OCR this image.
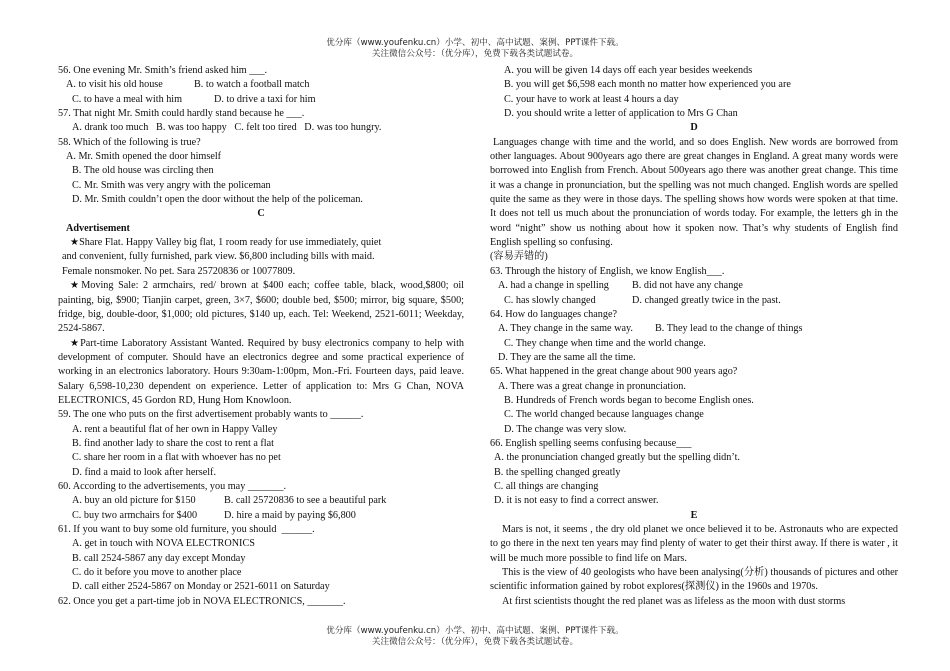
优分库（www.youfenku.cn）小学、初中、高中试题、案例、PPT课件下载。
关注微信公众号：（优分库），免费下载各类试题试卷。
56. One evening Mr. Smith’s friend asked him ___.
A. to visit his old house	B. to watch a football match
C. to have a meal with him	D. to drive a taxi for him
57. That night Mr. Smith could hardly stand because he ___.
A. drank too much   B. was too happy   C. felt too tired   D. was too hungry.
58. Which of the following is true?
A. Mr. Smith opened the door himself
B. The old house was circling then
C. Mr. Smith was very angry with the policeman
D. Mr. Smith couldn’t open the door without the help of the policeman.
C
Advertisement
★Share Flat. Happy Valley big flat, 1 room ready for use immediately, quiet
and convenient, fully furnished, park view. $6,800 including bills with maid.
Female nonsmoker. No pet. Sara 25720836 or 10077809.

★Moving Sale: 2 armchairs, red/ brown at $400 each; coffee table, black, wood,$800; oil painting, big, $900; Tianjin carpet, green, 3×7, $600; double bed, $500; mirror, big square, $500; fridge, big, double-door, $1,000; old pictures, $140 up, each. Tel: Weekend, 2521-6011; Weekday, 2524-5867.

★Part-time Laboratory Assistant Wanted. Required by busy electronics company to help with development of computer. Should have an electronics degree and some practical experience of working in an electronics laboratory. Hours 9:30am-1:00pm, Mon.-Fri. Fourteen days, paid leave. Salary 6,598-10,230 dependent on experience. Letter of application to: Mrs G Chan, NOVA ELECTRONICS, 45 Gordon RD, Hung Hom Knowloon.

59. The one who puts on the first advertisement probably wants to ______.
A. rent a beautiful flat of her own in Happy Valley
B. find another lady to share the cost to rent a flat
C. share her room in a flat with whoever has no pet
D. find a maid to look after herself.
60. According to the advertisements, you may _______.
A. buy an old picture for $150	B. call 25720836 to see a beautiful park
C. buy two armchairs for $400	D. hire a maid by paying $6,800
61. If you want to buy some old furniture, you should  ______.
A. get in touch with NOVA ELECTRONICS
B. call 2524-5867 any day except Monday
C. do it before you move to another place
D. call either 2524-5867 on Monday or 2521-6011 on Saturday
62. Once you get a part-time job in NOVA ELECTRONICS, _______.
A. you will be given 14 days off each year besides weekends
B. you will get $6,598 each month no matter how experienced you are
C. your have to work at least 4 hours a day
D. you should write a letter of application to Mrs G Chan
D

Languages change with time and the world, and so does English. New words are borrowed from other languages. About 900years ago there are great changes in England. A great many words were borrowed into English from French. About 500years ago there was another great change. This time it was a change in pronunciation, but the spelling was not much changed. English words are spelled quite the same as they were in those days. The spelling shows how words were spoken at that time. It does not tell us much about the pronunciation of words today. For example, the letters gh in the word “night” show us nothing about how it spoken now. That’s why students of English find English spelling so confusing.

(容易弄错的)
63. Through the history of English, we know English___.
A. had a change in spelling B. did not have any change
C. has slowly changed	D. changed greatly twice in the past.
64. How do languages change?
A. They change in the same way. B. They lead to the change of things
C. They change when time and the world change.
D. They are the same all the time.
65. What happened in the great change about 900 years ago?
A. There was a great change in pronunciation.
B. Hundreds of French words began to become English ones.
C. The world changed because languages change
D. The change was very slow.
66. English spelling seems confusing because___
A. the pronunciation changed greatly but the spelling didn’t.
B. the spelling changed greatly
C. all things are changing
D. it is not easy to find a correct answer.
E

Mars is not, it seems , the dry old planet we once believed it to be. Astronauts who are expected to go there in the next ten years may find plenty of water to get their thirst away. If there is water , it will be much more possible to find life on Mars.

This is the view of 40 geologists who have been analysing(分析) thousands of pictures and other scientific information gained by robot explores(探测仪) in the 1960s and 1970s.

At first scientists thought the red planet was as lifeless as the moon with dust storms

优分库（www.youfenku.cn）小学、初中、高中试题、案例、PPT课件下载。
关注微信公众号：（优分库），免费下载各类试题试卷。
